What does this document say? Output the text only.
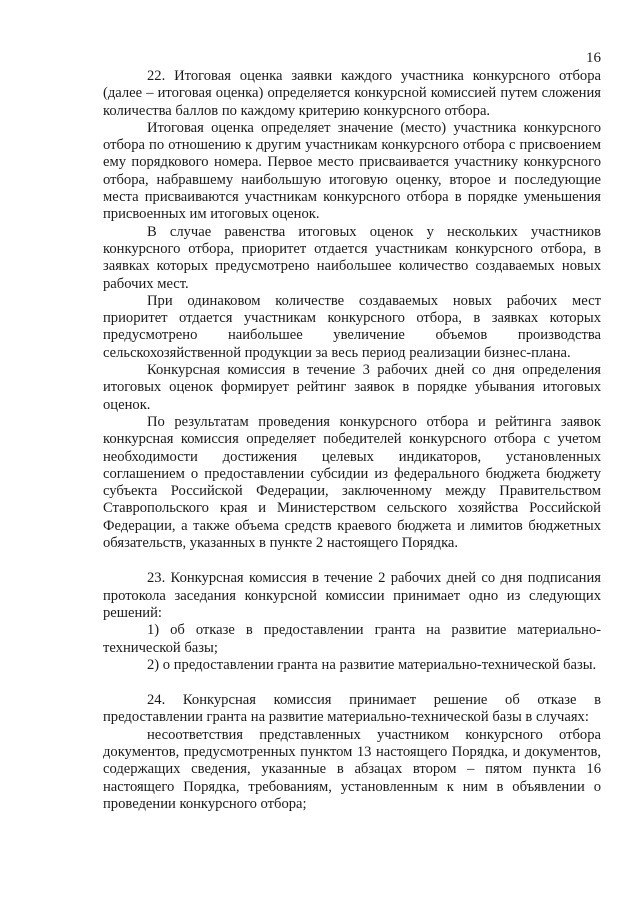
16

22. Итоговая оценка заявки каждого участника конкурсного отбора (далее – итоговая оценка) определяется конкурсной комиссией путем сложения количества баллов по каждому критерию конкурсного отбора.

Итоговая оценка определяет значение (место) участника конкурсного отбора по отношению к другим участникам конкурсного отбора с присвоением ему порядкового номера. Первое место присваивается участнику конкурсного отбора, набравшему наибольшую итоговую оценку, второе и последующие места присваиваются участникам конкурсного отбора в порядке уменьшения присвоенных им итоговых оценок.

В случае равенства итоговых оценок у нескольких участников конкурсного отбора, приоритет отдается участникам конкурсного отбора, в заявках которых предусмотрено наибольшее количество создаваемых новых рабочих мест.

При одинаковом количестве создаваемых новых рабочих мест приоритет отдается участникам конкурсного отбора, в заявках которых предусмотрено наибольшее увеличение объемов производства сельскохозяйственной продукции за весь период реализации бизнес-плана.

Конкурсная комиссия в течение 3 рабочих дней со дня определения итоговых оценок формирует рейтинг заявок в порядке убывания итоговых оценок.

По результатам проведения конкурсного отбора и рейтинга заявок конкурсная комиссия определяет победителей конкурсного отбора с учетом необходимости достижения целевых индикаторов, установленных соглашением о предоставлении субсидии из федерального бюджета бюджету субъекта Российской Федерации, заключенному между Правительством Ставропольского края и Министерством сельского хозяйства Российской Федерации, а также объема средств краевого бюджета и лимитов бюджетных обязательств, указанных в пункте 2 настоящего Порядка.

23. Конкурсная комиссия в течение 2 рабочих дней со дня подписания протокола заседания конкурсной комиссии принимает одно из следующих решений:

1) об отказе в предоставлении гранта на развитие материально-технической базы;

2) о предоставлении гранта на развитие материально-технической базы.

24. Конкурсная комиссия принимает решение об отказе в предоставлении гранта на развитие материально-технической базы в случаях:

несоответствия представленных участником конкурсного отбора документов, предусмотренных пунктом 13 настоящего Порядка, и документов, содержащих сведения, указанные в абзацах втором – пятом пункта 16 настоящего Порядка, требованиям, установленным к ним в объявлении о проведении конкурсного отбора;
